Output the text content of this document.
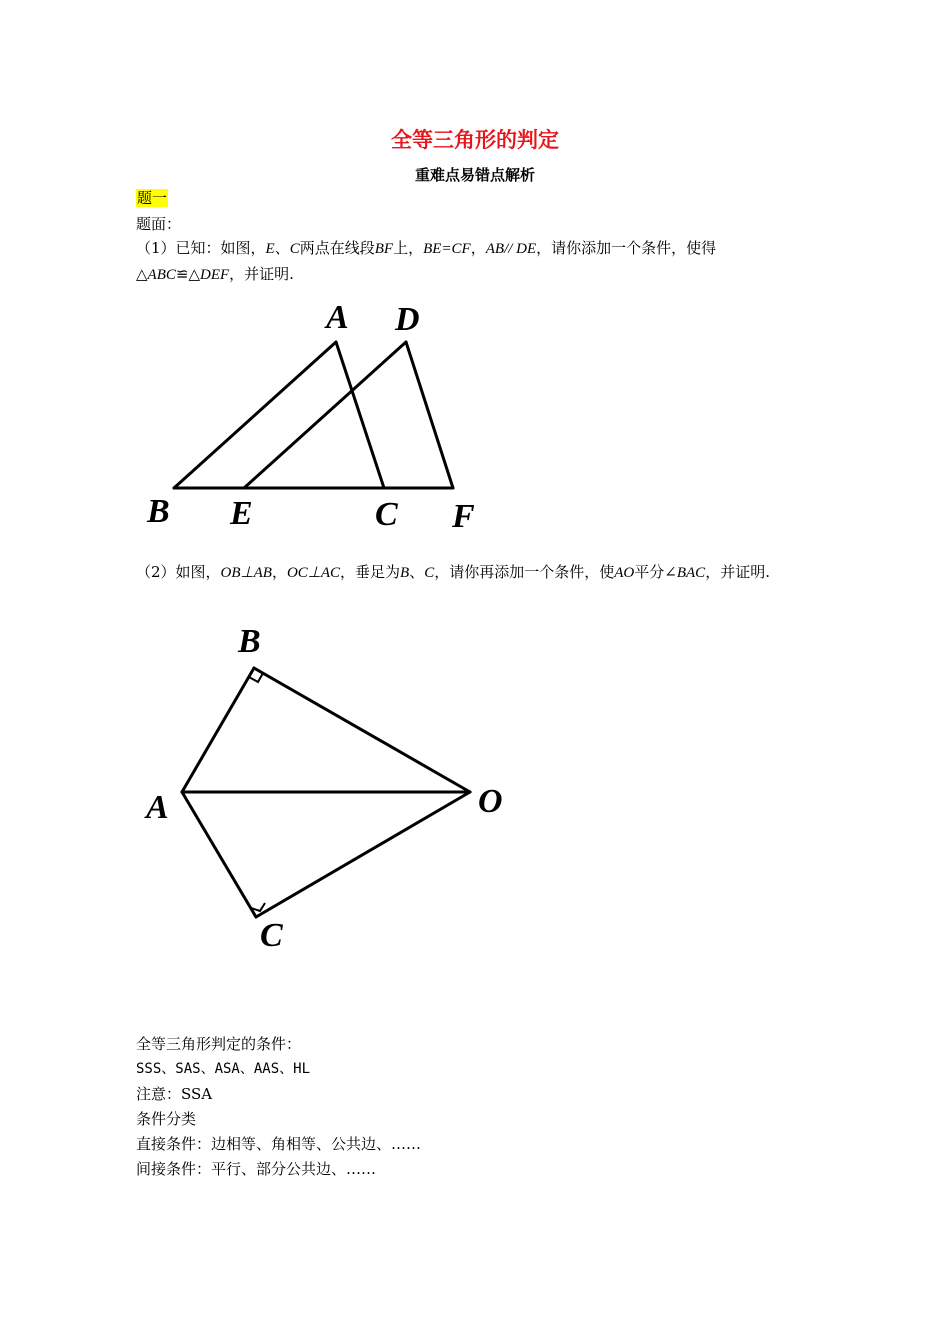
全等三角形的判定
重难点易错点解析
题一
题面：
（1）已知：如图，E、C两点在线段BF上，BE=CF，AB// DE，请你添加一个条件，使得
△ABC≌△DEF，并证明.
A D
B E	C F
（2）如图，OB⊥AB，OC⊥AC，垂足为B、C，请你再添加一个条件，使AO平分∠BAC，并证明.
B
A	O
C
全等三角形判定的条件：
SSS、SAS、ASA、AAS、HL
注意：SSA
条件分类
直接条件：边相等、角相等、公共边、……
间接条件：平行、部分公共边、……
